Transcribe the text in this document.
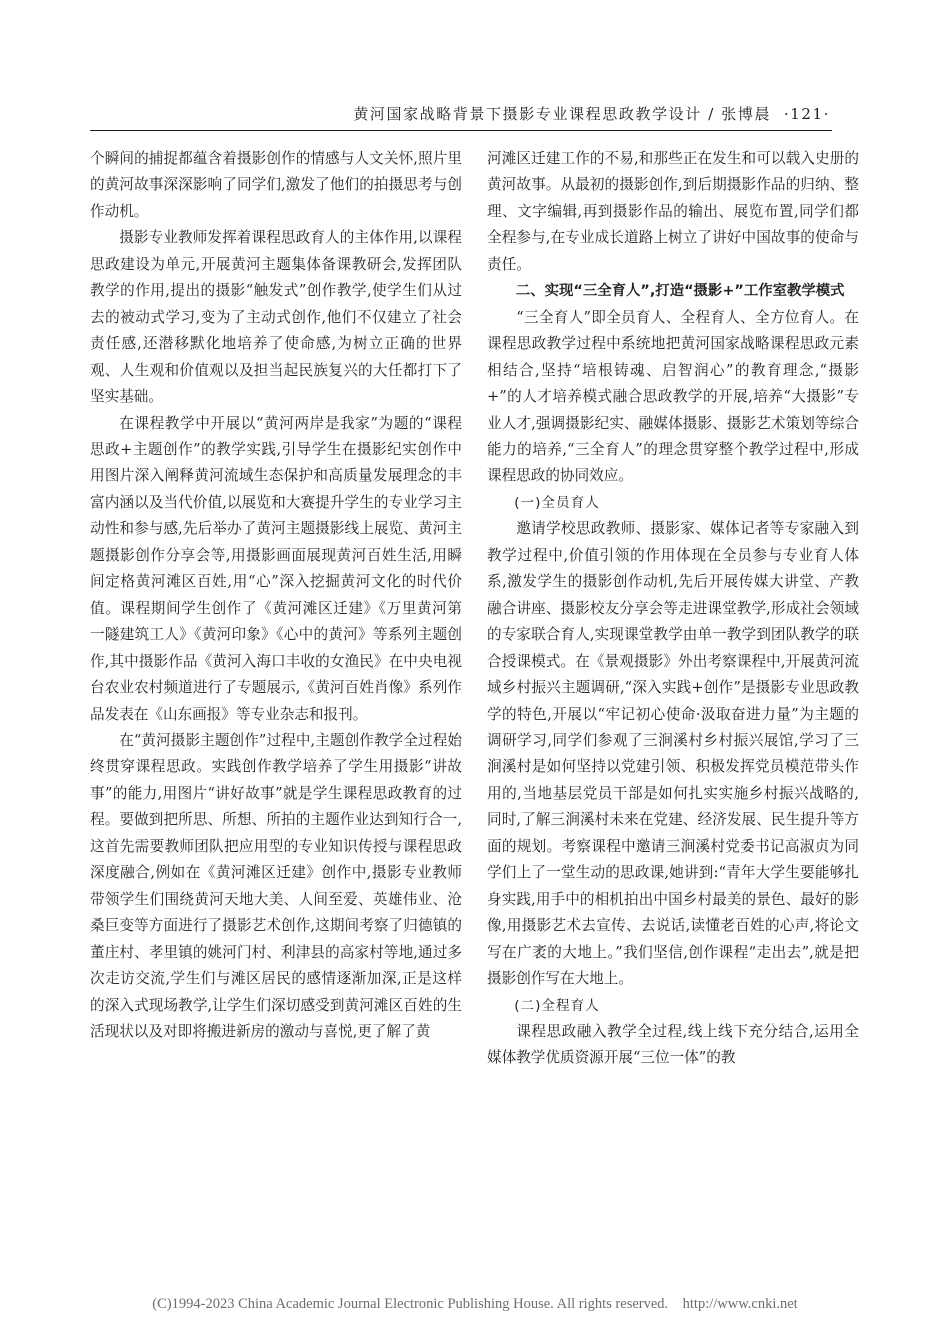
黄河国家战略背景下摄影专业课程思政教学设计 / 张博晨 ·121·

个瞬间的捕捉都蕴含着摄影创作的情感与人文关怀,照片里的黄河故事深深影响了同学们,激发了他们的拍摄思考与创作动机。

摄影专业教师发挥着课程思政育人的主体作用,以课程思政建设为单元,开展黄河主题集体备课教研会,发挥团队教学的作用,提出的摄影“触发式”创作教学,使学生们从过去的被动式学习,变为了主动式创作,他们不仅建立了社会责任感,还潜移默化地培养了使命感,为树立正确的世界观、人生观和价值观以及担当起民族复兴的大任都打下了坚实基础。

在课程教学中开展以“黄河两岸是我家”为题的“课程思政+主题创作”的教学实践,引导学生在摄影纪实创作中用图片深入阐释黄河流域生态保护和高质量发展理念的丰富内涵以及当代价值,以展览和大赛提升学生的专业学习主动性和参与感,先后举办了黄河主题摄影线上展览、黄河主题摄影创作分享会等,用摄影画面展现黄河百姓生活,用瞬间定格黄河滩区百姓,用“心”深入挖掘黄河文化的时代价值。课程期间学生创作了《黄河滩区迁建》《万里黄河第一隧建筑工人》《黄河印象》《心中的黄河》等系列主题创作,其中摄影作品《黄河入海口丰收的女渔民》在中央电视台农业农村频道进行了专题展示,《黄河百姓肖像》系列作品发表在《山东画报》等专业杂志和报刊。

在“黄河摄影主题创作”过程中,主题创作教学全过程始终贯穿课程思政。实践创作教学培养了学生用摄影“讲故事”的能力,用图片“讲好故事”就是学生课程思政教育的过程。要做到把所思、所想、所拍的主题作业达到知行合一,这首先需要教师团队把应用型的专业知识传授与课程思政深度融合,例如在《黄河滩区迁建》创作中,摄影专业教师带领学生们围绕黄河天地大美、人间至爱、英雄伟业、沧桑巨变等方面进行了摄影艺术创作,这期间考察了归德镇的董庄村、孝里镇的姚河门村、利津县的高家村等地,通过多次走访交流,学生们与滩区居民的感情逐渐加深,正是这样的深入式现场教学,让学生们深切感受到黄河滩区百姓的生活现状以及对即将搬进新房的激动与喜悦,更了解了黄

河滩区迁建工作的不易,和那些正在发生和可以载入史册的黄河故事。从最初的摄影创作,到后期摄影作品的归纳、整理、文字编辑,再到摄影作品的输出、展览布置,同学们都全程参与,在专业成长道路上树立了讲好中国故事的使命与责任。

二、实现“三全育人”,打造“摄影+”工作室教学模式

“三全育人”即全员育人、全程育人、全方位育人。在课程思政教学过程中系统地把黄河国家战略课程思政元素相结合,坚持“培根铸魂、启智润心”的教育理念,“摄影+”的人才培养模式融合思政教学的开展,培养“大摄影”专业人才,强调摄影纪实、融媒体摄影、摄影艺术策划等综合能力的培养,“三全育人”的理念贯穿整个教学过程中,形成课程思政的协同效应。

(一)全员育人

邀请学校思政教师、摄影家、媒体记者等专家融入到教学过程中,价值引领的作用体现在全员参与专业育人体系,激发学生的摄影创作动机,先后开展传媒大讲堂、产教融合讲座、摄影校友分享会等走进课堂教学,形成社会领域的专家联合育人,实现课堂教学由单一教学到团队教学的联合授课模式。在《景观摄影》外出考察课程中,开展黄河流域乡村振兴主题调研,“深入实践+创作”是摄影专业思政教学的特色,开展以“牢记初心使命·汲取奋进力量”为主题的调研学习,同学们参观了三涧溪村乡村振兴展馆,学习了三涧溪村是如何坚持以党建引领、积极发挥党员模范带头作用的,当地基层党员干部是如何扎实实施乡村振兴战略的,同时,了解三涧溪村未来在党建、经济发展、民生提升等方面的规划。考察课程中邀请三涧溪村党委书记高淑贞为同学们上了一堂生动的思政课,她讲到:“青年大学生要能够扎身实践,用手中的相机拍出中国乡村最美的景色、最好的影像,用摄影艺术去宣传、去说话,读懂老百姓的心声,将论文写在广袤的大地上。”我们坚信,创作课程“走出去”,就是把摄影创作写在大地上。

(二)全程育人

课程思政融入教学全过程,线上线下充分结合,运用全媒体教学优质资源开展“三位一体”的教

(C)1994-2023 China Academic Journal Electronic Publishing House. All rights reserved.    http://www.cnki.net
